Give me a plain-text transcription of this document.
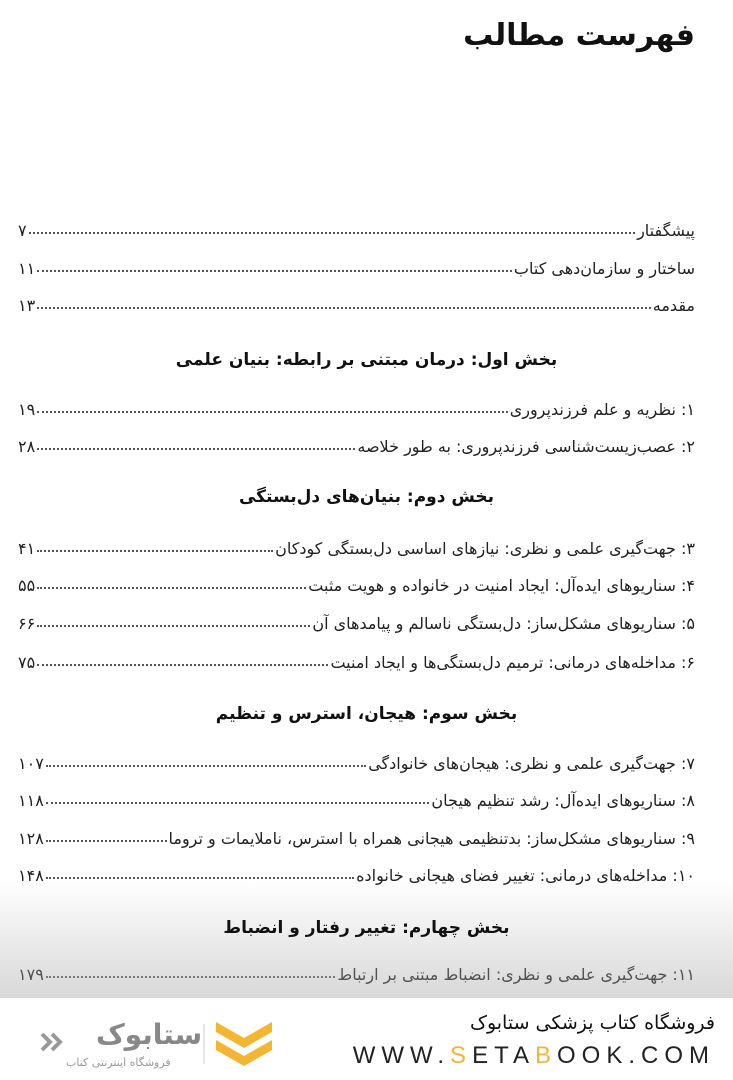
فهرست مطالب
پیشگفتار
۷
ساختار و سازمان‌دهی کتاب
۱۱
مقدمه
۱۳
بخش اول: درمان مبتنی بر رابطه: بنیان علمی
۱: نظریه و علم فرزندپروری
۱۹
۲: عصب‌زیست‌شناسی فرزندپروری: به طور خلاصه
۲۸
بخش دوم: بنیان‌های دل‌بستگی
۳: جهت‌گیری علمی و نظری: نیازهای اساسی دل‌بستگی کودکان
۴۱
۴: سناریوهای ایده‌آل: ایجاد امنیت در خانواده و هویت مثبت
۵۵
۵: سناریوهای مشکل‌ساز: دل‌بستگی ناسالم و پیامدهای آن
۶۶
۶: مداخله‌های درمانی: ترمیم دل‌بستگی‌ها و ایجاد امنیت
۷۵
بخش سوم: هیجان، استرس و تنظیم
۷: جهت‌گیری علمی و نظری: هیجان‌های خانوادگی
۱۰۷
۸: سناریوهای ایده‌آل: رشد تنظیم هیجان
۱۱۸
۹: سناریوهای مشکل‌ساز: بدتنظیمی هیجانی همراه با استرس، ناملایمات و تروما
۱۲۸
۱۰: مداخله‌های درمانی: تغییر فضای هیجانی خانواده
۱۴۸
بخش چهارم: تغییر رفتار و انضباط
۱۱: جهت‌گیری علمی و نظری: انضباط مبتنی بر ارتباط
۱۷۹
فروشگاه کتاب پزشکی ستابوک
WWW.SETABOOK.COM
ستابوک
فروشگاه اینترنتی کتاب
